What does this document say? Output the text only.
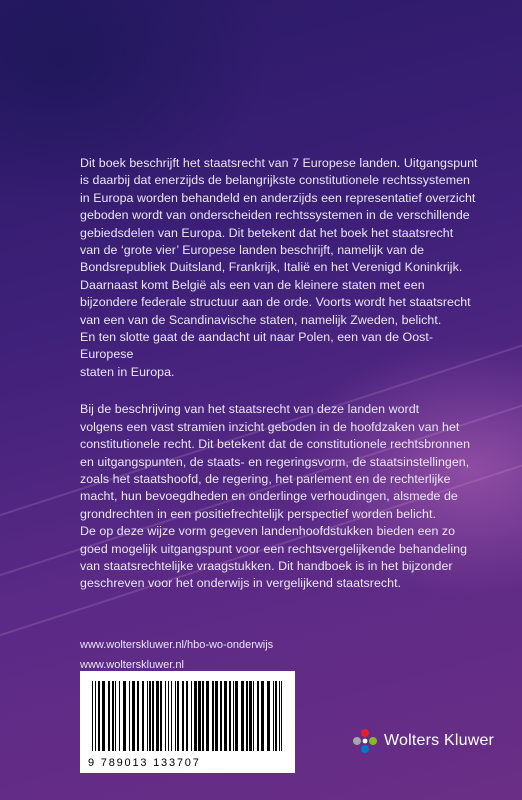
Dit boek beschrijft het staatsrecht van 7 Europese landen. Uitgangspunt
is daarbij dat enerzijds de belangrijkste constitutionele rechtssystemen
in Europa worden behandeld en anderzijds een representatief overzicht
geboden wordt van onderscheiden rechtssystemen in de verschillende
gebiedsdelen van Europa. Dit betekent dat het boek het staatsrecht
van de ‘grote vier’ Europese landen beschrijft, namelijk van de
Bondsrepubliek Duitsland, Frankrijk, Italië en het Verenigd Koninkrijk.
Daarnaast komt België als een van de kleinere staten met een
bijzondere federale structuur aan de orde. Voorts wordt het staatsrecht
van een van de Scandinavische staten, namelijk Zweden, belicht.
En ten slotte gaat de aandacht uit naar Polen, een van de Oost-Europese
staten in Europa.

Bij de beschrijving van het staatsrecht van deze landen wordt
volgens een vast stramien inzicht geboden in de hoofdzaken van het
constitutionele recht. Dit betekent dat de constitutionele rechtsbronnen
en uitgangspunten, de staats- en regeringsvorm, de staatsinstellingen,
zoals het staatshoofd, de regering, het parlement en de rechterlijke
macht, hun bevoegdheden en onderlinge verhoudingen, alsmede de
grondrechten in een positiefrechtelijk perspectief worden belicht.
De op deze wijze vorm gegeven landenhoofdstukken bieden een zo
goed mogelijk uitgangspunt voor een rechtsvergelijkende behandeling
van staatsrechtelijke vraagstukken. Dit handboek is in het bijzonder
geschreven voor het onderwijs in vergelijkend staatsrecht.

www.wolterskluwer.nl/hbo-wo-onderwijs
www.wolterskluwer.nl
9 789013 133707
Wolters Kluwer
